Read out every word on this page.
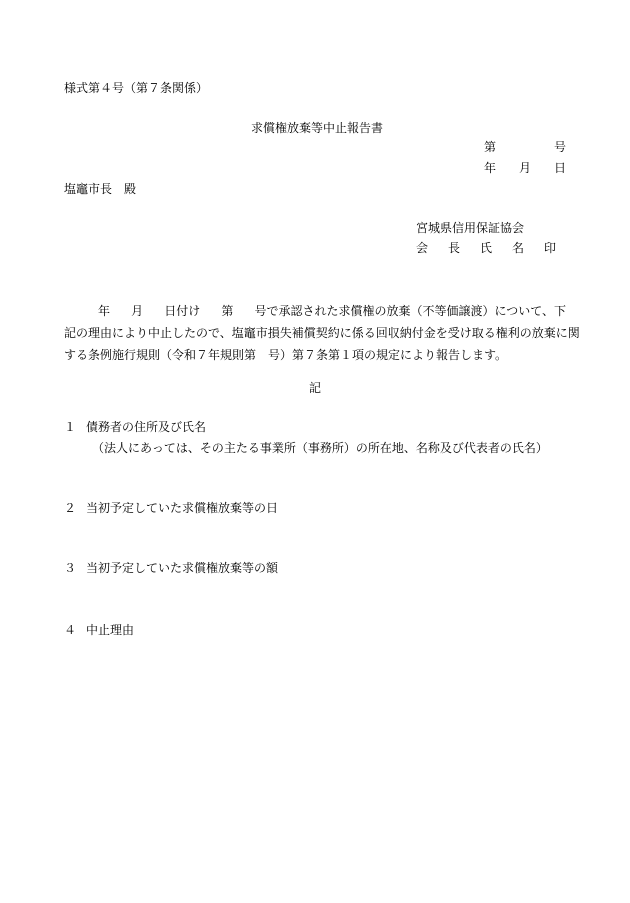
様式第４号（第７条関係）
求償権放棄等中止報告書
第	号
年 月 日
塩竈市長 殿
宮城県信用保証協会
会 長 氏 名 印
年 月 日付け 第 号で承認された求償権の放棄（不等価譲渡）について、下
記の理由により中止したので、塩竈市損失補償契約に係る回収納付金を受け取る権利の放棄に関
する条例施行規則（令和７年規則第　号）第７条第１項の規定により報告します。
記
１ 債務者の住所及び氏名
（法人にあっては、その主たる事業所（事務所）の所在地、名称及び代表者の氏名）
２ 当初予定していた求償権放棄等の日
３ 当初予定していた求償権放棄等の額
４ 中止理由
